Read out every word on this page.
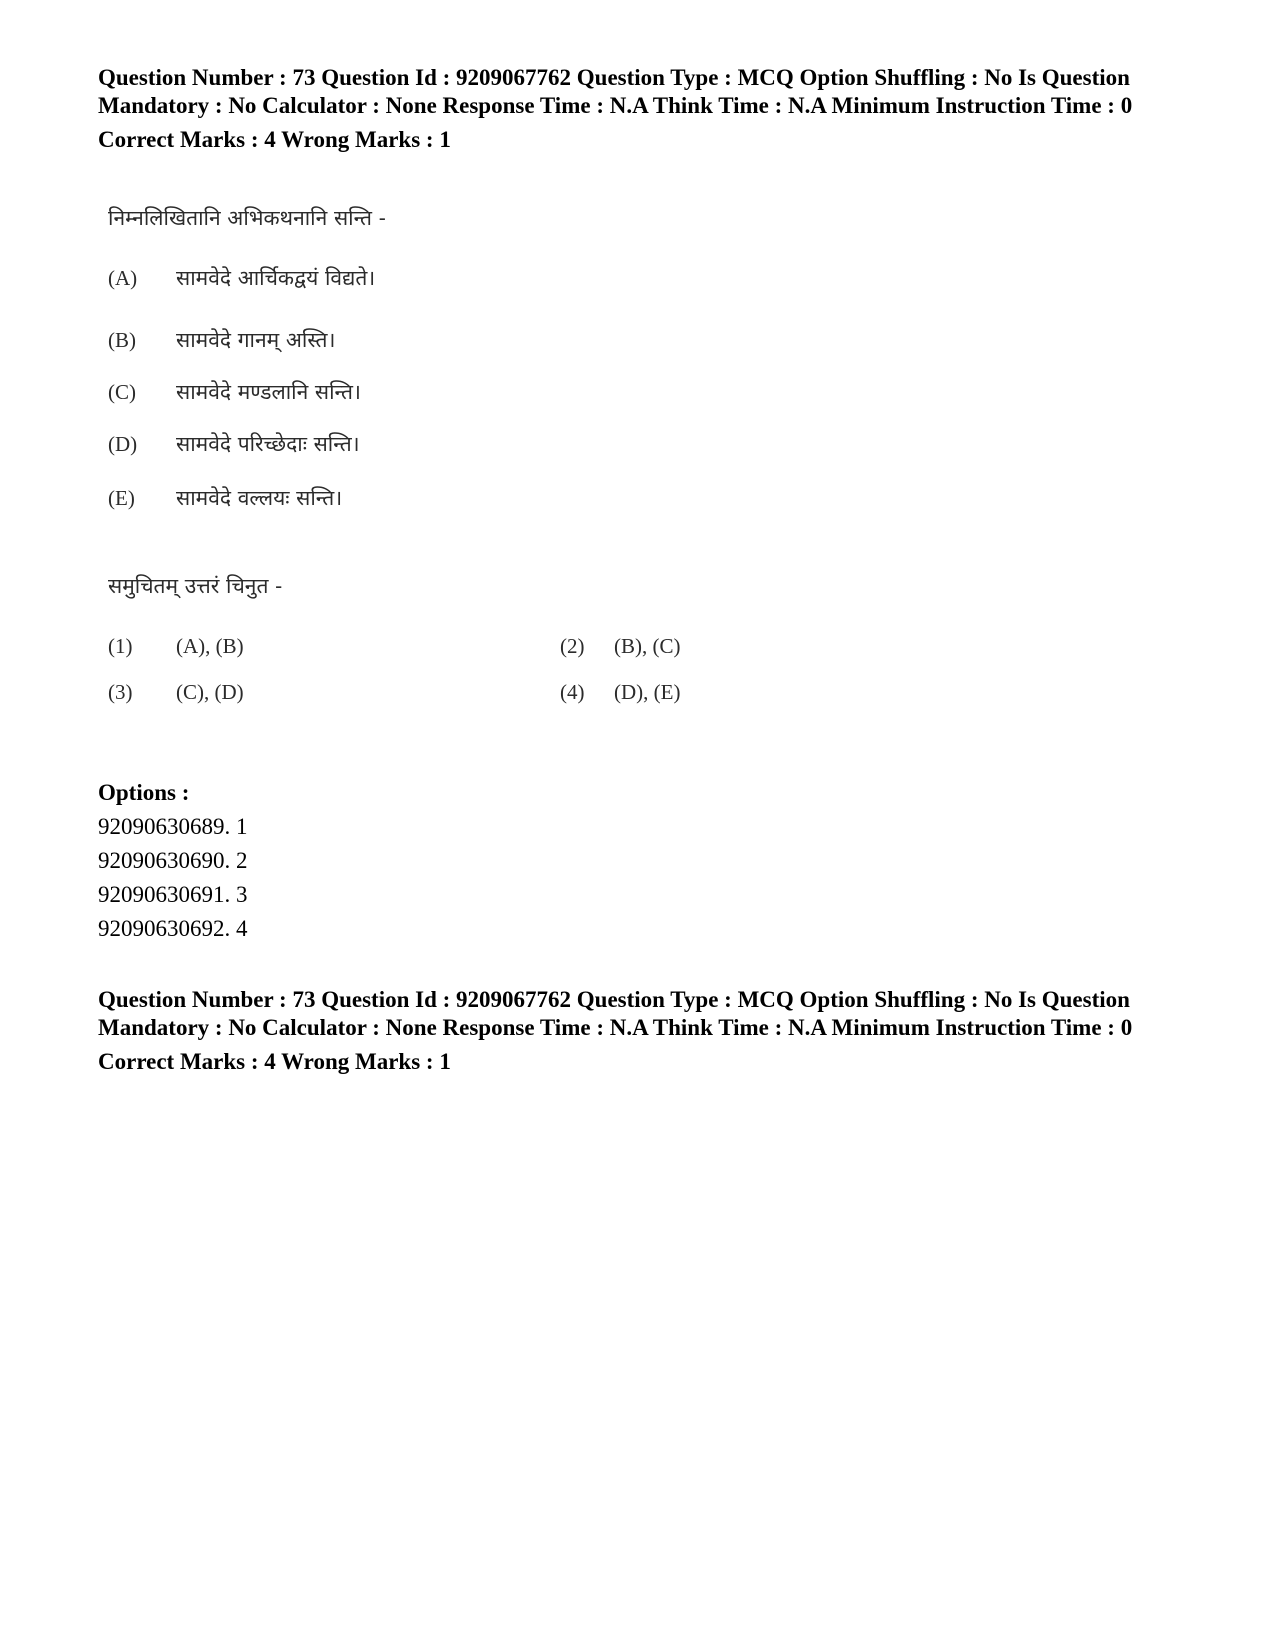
Question Number : 73 Question Id : 9209067762 Question Type : MCQ Option Shuffling : No Is Question Mandatory : No Calculator : None Response Time : N.A Think Time : N.A Minimum Instruction Time : 0
Correct Marks : 4 Wrong Marks : 1
निम्नलिखितानि अभिकथनानि सन्ति -
(A)	सामवेदे आर्चिकद्वयं विद्यते।
(B)	सामवेदे गानम् अस्ति।
(C)	सामवेदे मण्डलानि सन्ति।
(D)	सामवेदे परिच्छेदाः सन्ति।
(E)	सामवेदे वल्लयः सन्ति।
समुचितम् उत्तरं चिनुत -
(1)	(A), (B)	(2)	(B), (C)
(3)	(C), (D)	(4)	(D), (E)
Options :
92090630689. 1
92090630690. 2
92090630691. 3
92090630692. 4
Question Number : 73 Question Id : 9209067762 Question Type : MCQ Option Shuffling : No Is Question Mandatory : No Calculator : None Response Time : N.A Think Time : N.A Minimum Instruction Time : 0
Correct Marks : 4 Wrong Marks : 1
